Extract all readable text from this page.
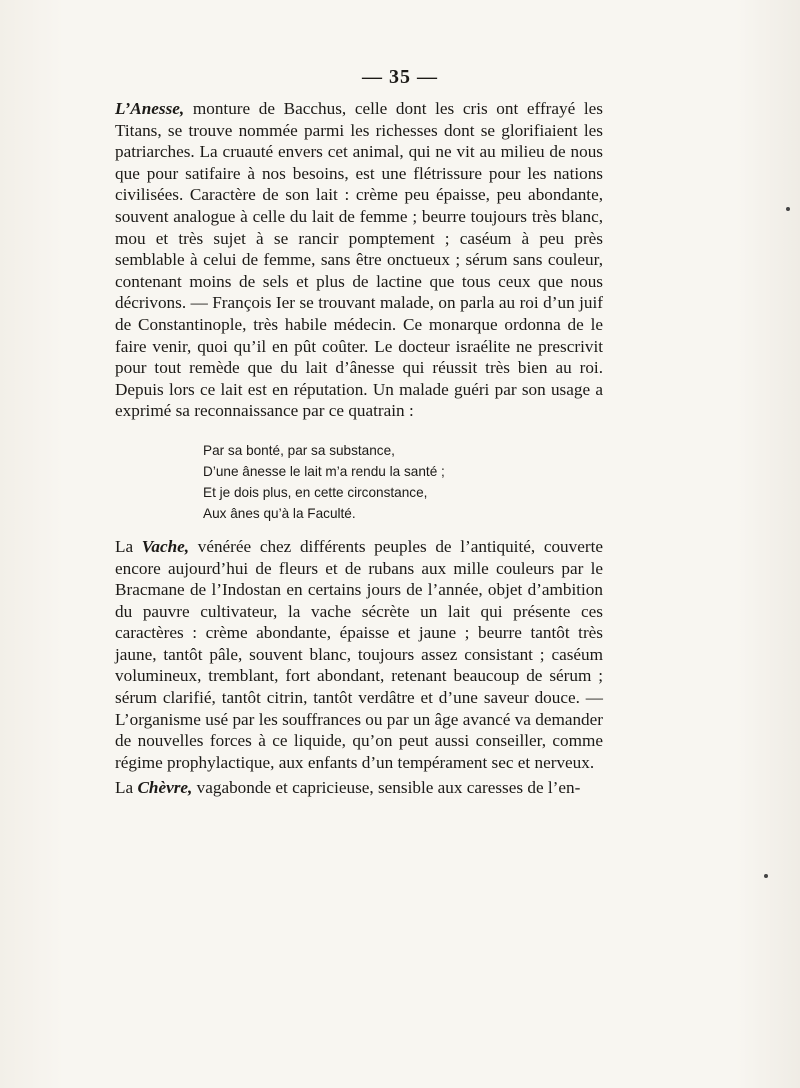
— 35 —

L’Anesse, monture de Bacchus, celle dont les cris ont effrayé les Titans, se trouve nommée parmi les richesses dont se glorifiaient les patriarches. La cruauté envers cet animal, qui ne vit au milieu de nous que pour satifaire à nos besoins, est une flétrissure pour les nations civilisées. Caractère de son lait : crème peu épaisse, peu abondante, souvent analogue à celle du lait de femme ; beurre toujours très blanc, mou et très sujet à se rancir pomptement ; caséum à peu près semblable à celui de femme, sans être onctueux ; sérum sans couleur, contenant moins de sels et plus de lactine que tous ceux que nous décrivons. — François Ier se trouvant malade, on parla au roi d’un juif de Constantinople, très habile médecin. Ce monarque ordonna de le faire venir, quoi qu’il en pût coûter. Le docteur israélite ne prescrivit pour tout remède que du lait d’ânesse qui réussit très bien au roi. Depuis lors ce lait est en réputation. Un malade guéri par son usage a exprimé sa reconnaissance par ce quatrain :

Par sa bonté, par sa substance,
D’une ânesse le lait m’a rendu la santé ;
Et je dois plus, en cette circonstance,
Aux ânes qu’à la Faculté.

La Vache, vénérée chez différents peuples de l’antiquité, couverte encore aujourd’hui de fleurs et de rubans aux mille couleurs par le Bracmane de l’Indostan en certains jours de l’année, objet d’ambition du pauvre cultivateur, la vache sécrète un lait qui présente ces caractères : crème abondante, épaisse et jaune ; beurre tantôt très jaune, tantôt pâle, souvent blanc, toujours assez consistant ; caséum volumineux, tremblant, fort abondant, retenant beaucoup de sérum ; sérum clarifié, tantôt citrin, tantôt verdâtre et d’une saveur douce. — L’organisme usé par les souffrances ou par un âge avancé va demander de nouvelles forces à ce liquide, qu’on peut aussi conseiller, comme régime prophylactique, aux enfants d’un tempérament sec et nerveux.

La Chèvre, vagabonde et capricieuse, sensible aux caresses de l’en-
